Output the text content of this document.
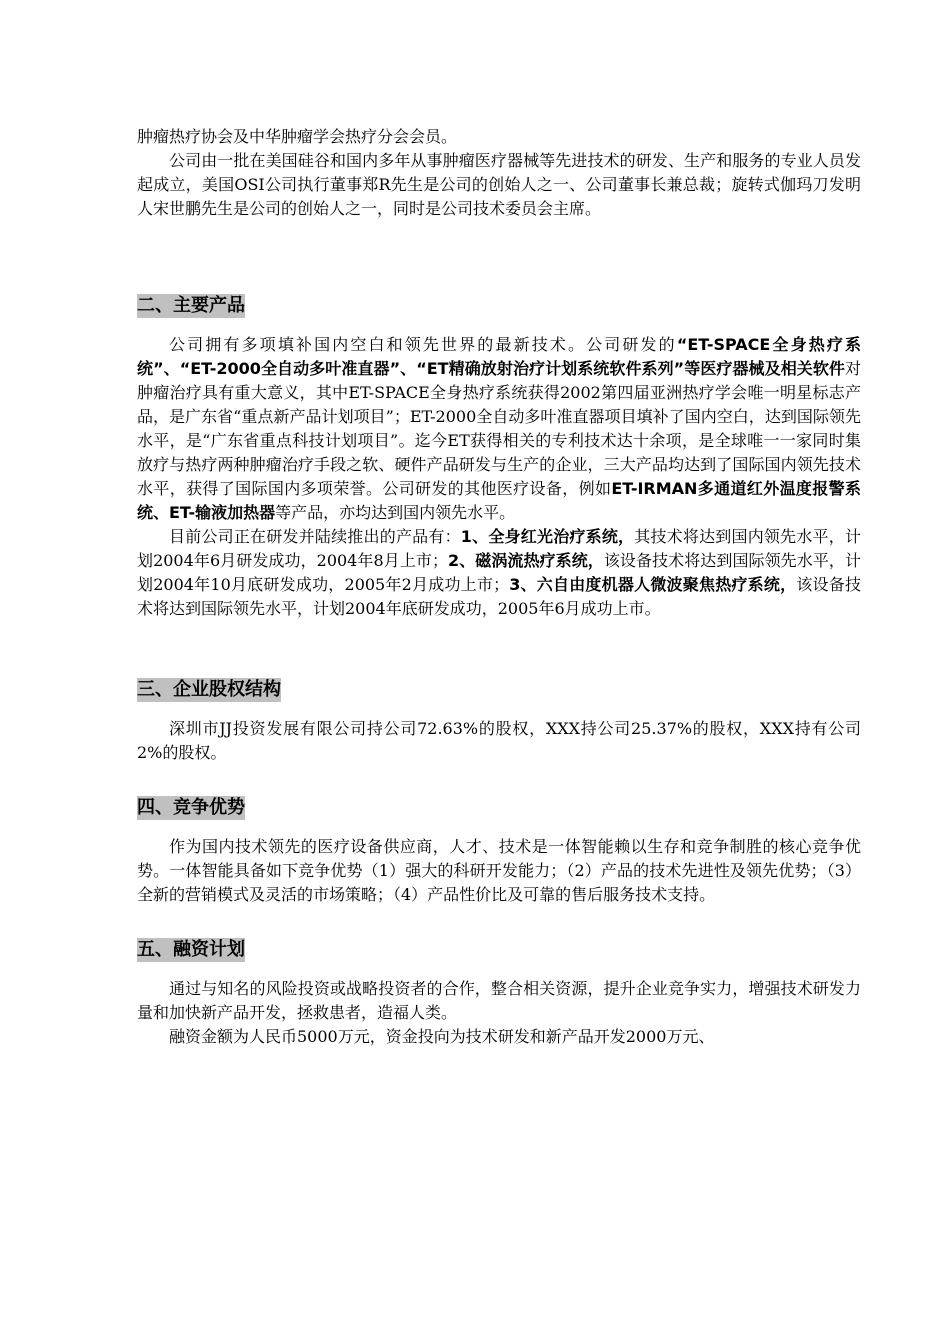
肿瘤热疗协会及中华肿瘤学会热疗分会会员。

公司由一批在美国硅谷和国内多年从事肿瘤医疗器械等先进技术的研发、生产和服务的专业人员发起成立，美国OSI公司执行董事郑R先生是公司的创始人之一、公司董事长兼总裁；旋转式伽玛刀发明人宋世鹏先生是公司的创始人之一，同时是公司技术委员会主席。

二、主要产品

公司拥有多项填补国内空白和领先世界的最新技术。公司研发的“ET-SPACE全身热疗系统”、“ET-2000全自动多叶准直器”、“ET精确放射治疗计划系统软件系列”等医疗器械及相关软件对肿瘤治疗具有重大意义，其中ET-SPACE全身热疗系统获得2002第四届亚洲热疗学会唯一明星标志产品，是广东省“重点新产品计划项目”；ET-2000全自动多叶准直器项目填补了国内空白，达到国际领先水平，是“广东省重点科技计划项目”。迄今ET获得相关的专利技术达十余项，是全球唯一一家同时集放疗与热疗两种肿瘤治疗手段之软、硬件产品研发与生产的企业，三大产品均达到了国际国内领先技术水平，获得了国际国内多项荣誉。公司研发的其他医疗设备，例如ET-IRMAN多通道红外温度报警系统、ET-输液加热器等产品，亦均达到国内领先水平。

目前公司正在研发并陆续推出的产品有：1、全身红光治疗系统，其技术将达到国内领先水平，计划2004年6月研发成功，2004年8月上市；2、磁涡流热疗系统，该设备技术将达到国际领先水平，计划2004年10月底研发成功，2005年2月成功上市；3、六自由度机器人微波聚焦热疗系统，该设备技术将达到国际领先水平，计划2004年底研发成功，2005年6月成功上市。

三、企业股权结构

深圳市JJ投资发展有限公司持公司72.63%的股权，XXX持公司25.37%的股权，XXX持有公司2%的股权。

四、竞争优势

作为国内技术领先的医疗设备供应商，人才、技术是一体智能赖以生存和竞争制胜的核心竞争优势。一体智能具备如下竞争优势（1）强大的科研开发能力；（2）产品的技术先进性及领先优势；（3）全新的营销模式及灵活的市场策略；（4）产品性价比及可靠的售后服务技术支持。

五、融资计划

通过与知名的风险投资或战略投资者的合作，整合相关资源，提升企业竞争实力，增强技术研发力量和加快新产品开发，拯救患者，造福人类。

融资金额为人民币5000万元，资金投向为技术研发和新产品开发2000万元、
